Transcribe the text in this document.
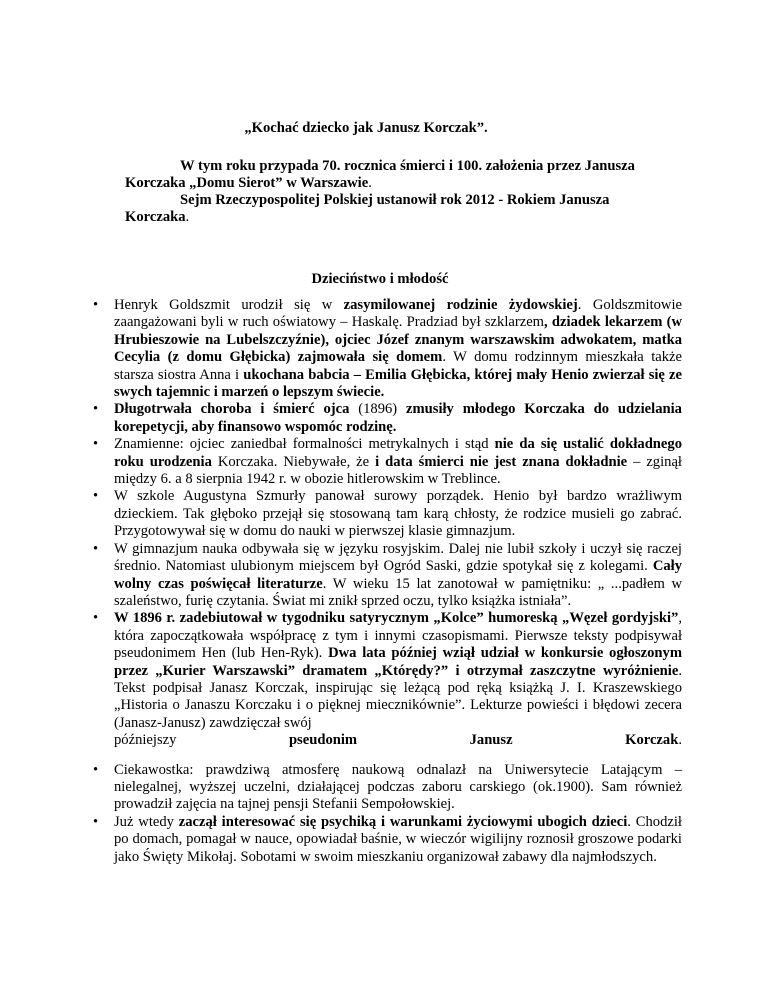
„Kochać dziecko jak Janusz Korczak”.

W tym roku przypada 70. rocznica śmierci i 100. założenia przez Janusza

Korczaka „Domu Sierot” w Warszawie.

Sejm Rzeczypospolitej Polskiej ustanowił rok 2012 - Rokiem Janusza

Korczaka.

Dzieciństwo i młodość
• Henryk Goldszmit urodził się w zasymilowanej rodzinie żydowskiej. Goldszmitowie zaangażowani byli w ruch oświatowy – Haskalę. Pradziad był szklarzem, dziadek lekarzem (w Hrubieszowie na Lubelszczyźnie), ojciec Józef znanym warszawskim adwokatem, matka Cecylia (z domu Głębicka) zajmowała się domem. W domu rodzinnym mieszkała także starsza siostra Anna i ukochana babcia – Emilia Głębicka, której mały Henio zwierzał się ze swych tajemnic i marzeń o lepszym świecie.
• Długotrwała choroba i śmierć ojca (1896) zmusiły młodego Korczaka do udzielania korepetycji, aby finansowo wspomóc rodzinę.
• Znamienne: ojciec zaniedbał formalności metrykalnych i stąd nie da się ustalić dokładnego roku urodzenia Korczaka. Niebywałe, że i data śmierci nie jest znana dokładnie – zginął między 6. a 8 sierpnia 1942 r. w obozie hitlerowskim w Treblince.
• W szkole Augustyna Szmurły panował surowy porządek. Henio był bardzo wrażliwym dzieckiem. Tak głęboko przejął się stosowaną tam karą chłosty, że rodzice musieli go zabrać. Przygotowywał się w domu do nauki w pierwszej klasie gimnazjum.
• W gimnazjum nauka odbywała się w języku rosyjskim. Dalej nie lubił szkoły i uczył się raczej średnio. Natomiast ulubionym miejscem był Ogród Saski, gdzie spotykał się z kolegami. Cały wolny czas poświęcał literaturze. W wieku 15 lat zanotował w pamiętniku: „ ...padłem w szaleństwo, furię czytania. Świat mi znikł sprzed oczu, tylko książka istniała”.
• W 1896 r. zadebiutował w tygodniku satyrycznym „Kolce” humoreską „Węzeł gordyjski”, która zapoczątkowała współpracę z tym i innymi czasopismami. Pierwsze teksty podpisywał pseudonimem Hen (lub Hen-Ryk). Dwa lata później wziął udział w konkursie ogłoszonym przez „Kurier Warszawski” dramatem „Którędy?” i otrzymał zaszczytne wyróżnienie. Tekst podpisał Janasz Korczak, inspirując się leżącą pod ręką książką J. I. Kraszewskiego „Historia o Janaszu Korczaku i o pięknej miecznikównie”. Lekturze powieści i błędowi zecera (Janasz-Janusz) zawdzięczał swój
późniejszy	pseudonim	Janusz	Korczak.
• Ciekawostka: prawdziwą atmosferę naukową odnalazł na Uniwersytecie Latającym – nielegalnej, wyższej uczelni, działającej podczas zaboru carskiego (ok.1900). Sam również prowadził zajęcia na tajnej pensji Stefanii Sempołowskiej.
• Już wtedy zaczął interesować się psychiką i warunkami życiowymi ubogich dzieci. Chodził po domach, pomagał w nauce, opowiadał baśnie, w wieczór wigilijny roznosił groszowe podarki jako Święty Mikołaj. Sobotami w swoim mieszkaniu organizował zabawy dla najmłodszych.
